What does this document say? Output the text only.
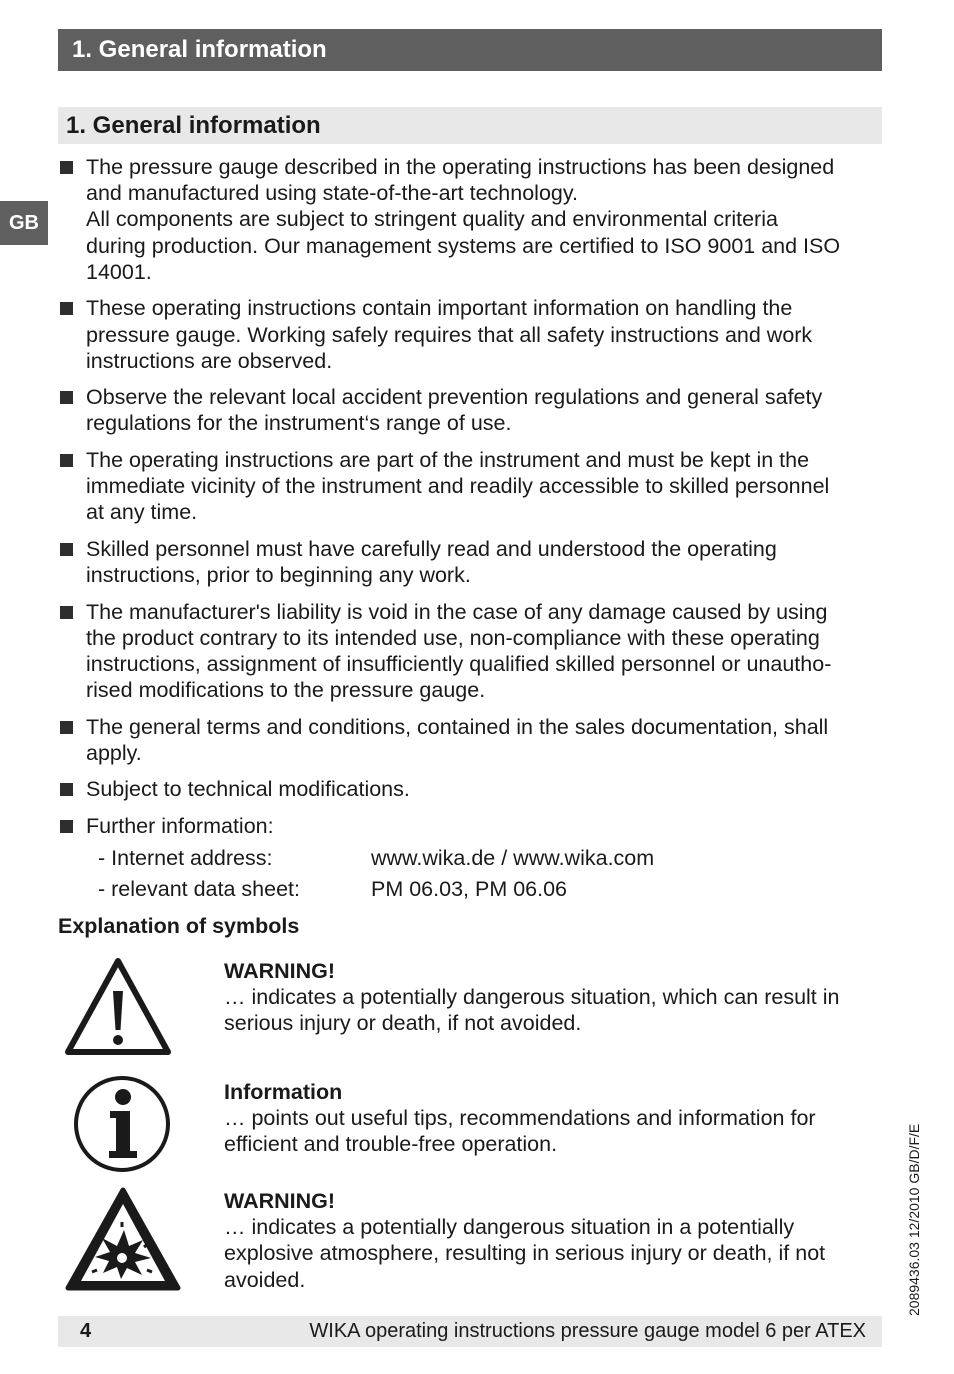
1. General information
GB
1. General information
The pressure gauge described in the operating instructions has been designed
and manufactured using state-of-the-art technology.
All components are subject to stringent quality and environmental criteria
during production. Our management systems are certified to ISO 9001 and ISO
14001.
These operating instructions contain important information on handling the
pressure gauge. Working safely requires that all safety instructions and work
instructions are observed.
Observe the relevant local accident prevention regulations and general safety
regulations for the instrument‘s range of use.
The operating instructions are part of the instrument and must be kept in the
immediate vicinity of the instrument and readily accessible to skilled personnel
at any time.
Skilled personnel must have carefully read and understood the operating
instructions, prior to beginning any work.
The manufacturer's liability is void in the case of any damage caused by using
the product contrary to its intended use, non-compliance with these operating
instructions, assignment of insufficiently qualified skilled personnel or unautho-
rised modifications to the pressure gauge.
The general terms and conditions, contained in the sales documentation, shall
apply.
Subject to technical modifications.
Further information:
- Internet address:	www.wika.de / www.wika.com
- relevant data sheet:	PM 06.03, PM 06.06
Explanation of symbols
WARNING!
… indicates a potentially dangerous situation, which can result in
serious injury or death, if not avoided.
Information
… points out useful tips, recommendations and information for
efficient and trouble-free operation.
WARNING!
… indicates a potentially dangerous situation in a potentially
explosive atmosphere, resulting in serious injury or death, if not
avoided.	2089436.03 12/2010 GB/D/F/E
4	WIKA operating instructions pressure gauge model 6 per ATEX
